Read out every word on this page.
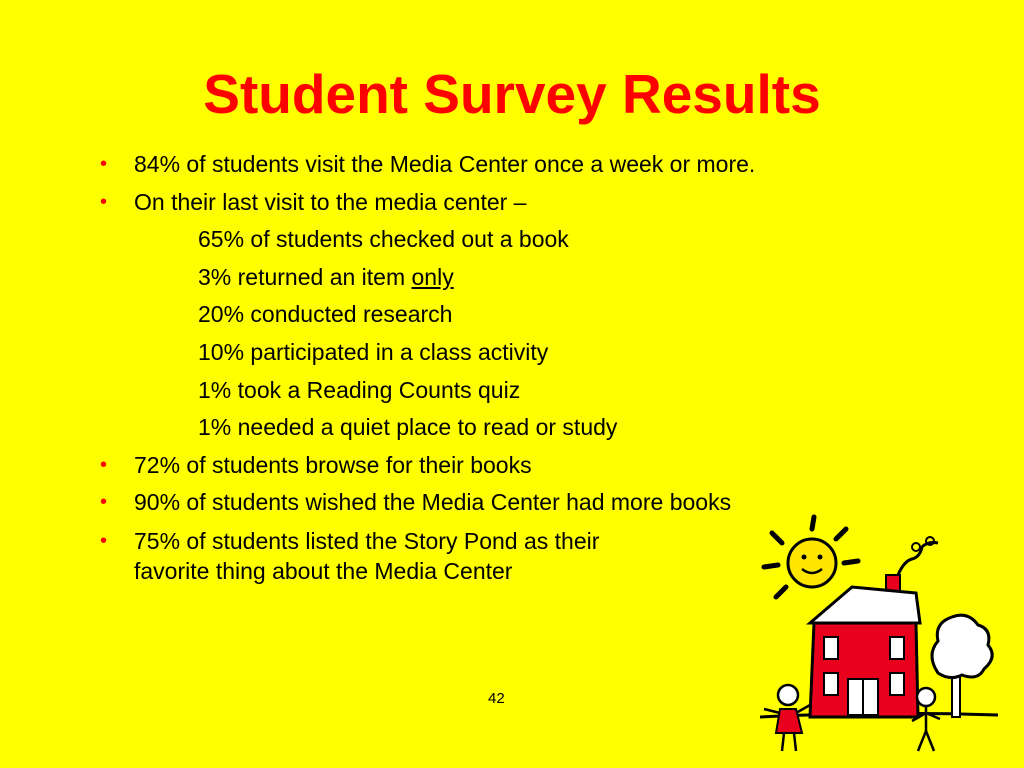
Student Survey Results
• 84% of students visit the Media Center once a week or more.
• On their last visit to the media center –
65% of students checked out a book
3% returned an item only
20% conducted research
10% participated in a class activity
1% took a Reading Counts quiz
1% needed a quiet place to read or study
• 72% of students browse for their books
• 90% of students wished the Media Center had more books
• 75% of students listed the Story Pond as their
favorite thing about the Media Center
42
